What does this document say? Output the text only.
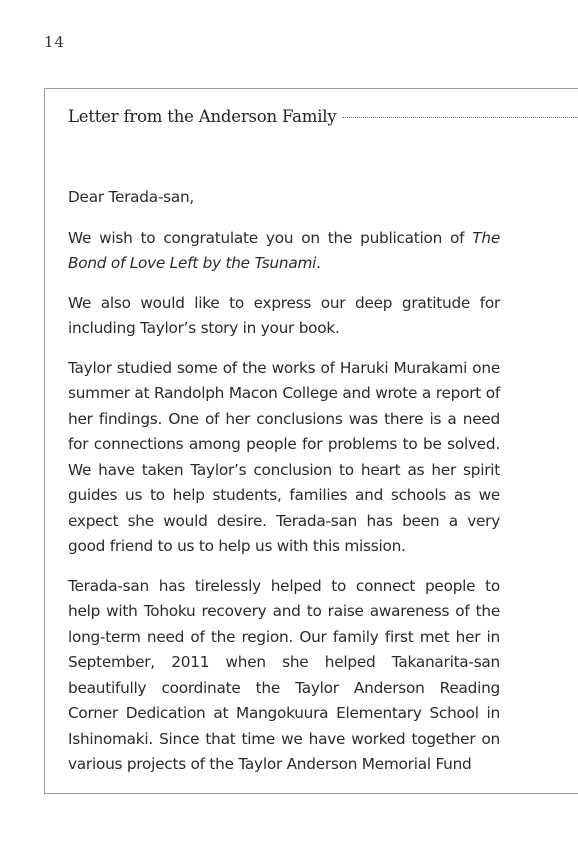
14
Letter from the Anderson Family

Dear Terada-san,

We wish to congratulate you on the publication of The Bond of Love Left by the Tsunami.

We also would like to express our deep gratitude for including Taylor’s story in your book.

Taylor studied some of the works of Haruki Murakami one summer at Randolph Macon College and wrote a report of her findings. One of her conclusions was there is a need for connections among people for problems to be solved. We have taken Taylor’s conclusion to heart as her spirit guides us to help students, families and schools as we expect she would desire. Terada-san has been a very good friend to us to help us with this mission.

Terada-san has tirelessly helped to connect people to help with Tohoku recovery and to raise awareness of the long-term need of the region. Our family first met her in September, 2011 when she helped Takanarita-san beautifully coordinate the Taylor Anderson Reading Corner Dedication at Mangokuura Elementary School in Ishinomaki. Since that time we have worked together on various projects of the Taylor Anderson Memorial Fund
